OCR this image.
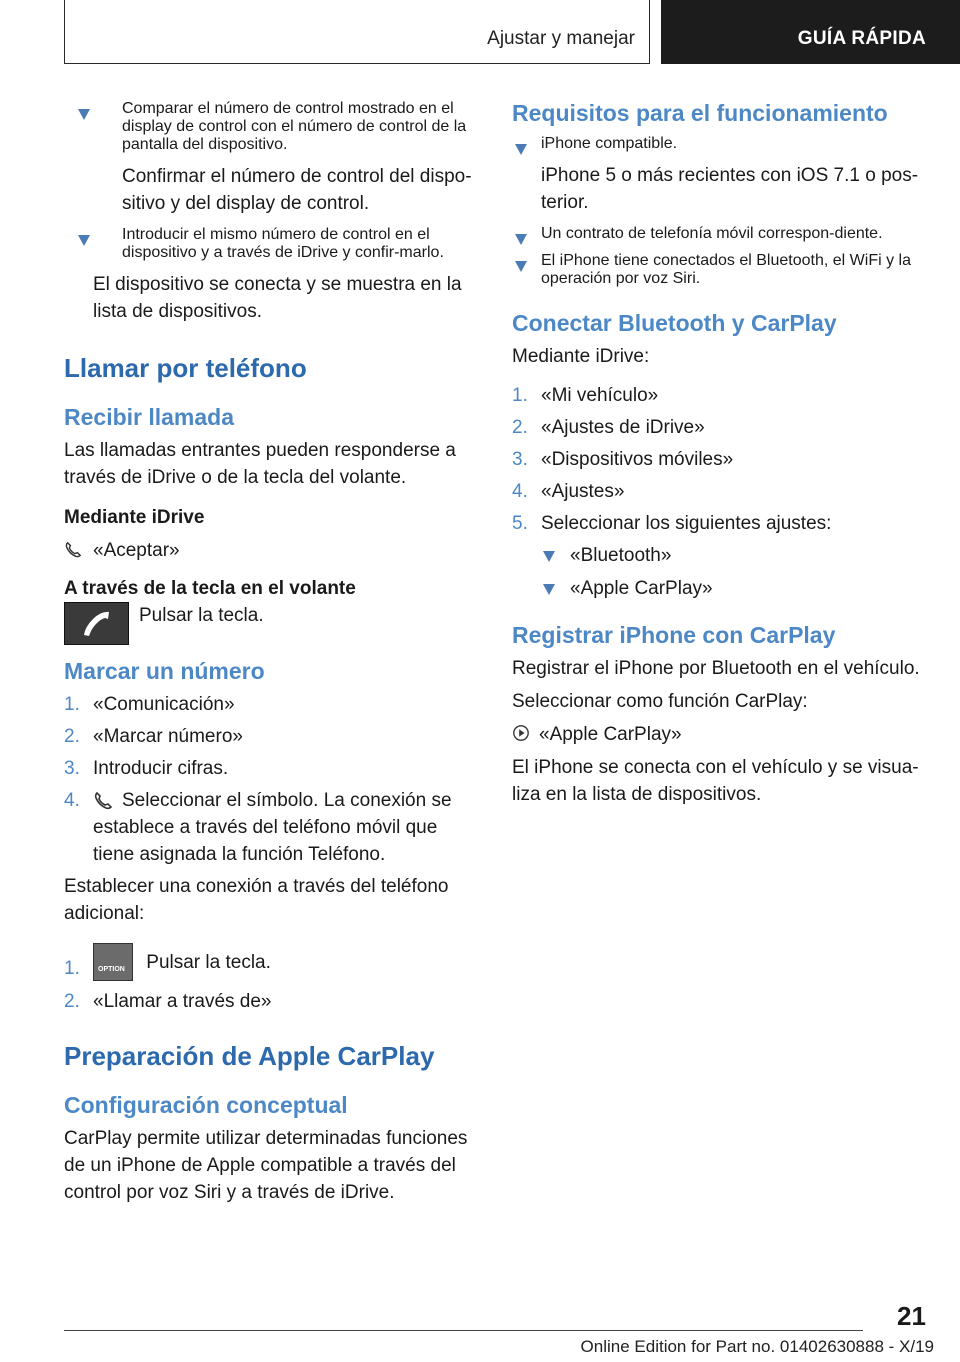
Ajustar y manejar	GUÍA RÁPIDA
Comparar el número de control mostrado en el display de control con el número de control de la pantalla del dispositivo.

Confirmar el número de control del dispo-sitivo y del display de control.

Introducir el mismo número de control en el dispositivo y a través de iDrive y confir-marlo.

El dispositivo se conecta y se muestra en la lista de dispositivos.

Llamar por teléfono
Recibir llamada

Las llamadas entrantes pueden responderse a través de iDrive o de la tecla del volante.

Mediante iDrive
«Aceptar»
A través de la tecla en el volante
Pulsar la tecla.
Marcar un número
1. «Comunicación»
2. «Marcar número»
3. Introducir cifras.
4.	Seleccionar el símbolo. La conexión se establece a través del teléfono móvil que tiene asignada la función Teléfono.

Establecer una conexión a través del teléfono adicional:

1.	OPTION Pulsar la tecla.
2. «Llamar a través de»
Preparación de Apple CarPlay
Configuración conceptual

CarPlay permite utilizar determinadas funciones de un iPhone de Apple compatible a través del control por voz Siri y a través de iDrive.

Requisitos para el funcionamiento
iPhone compatible.

iPhone 5 o más recientes con iOS 7.1 o pos-terior.

Un contrato de telefonía móvil correspon-diente.
El iPhone tiene conectados el Bluetooth, el WiFi y la operación por voz Siri.
Conectar Bluetooth y CarPlay

Mediante iDrive:

1. «Mi vehículo»
2. «Ajustes de iDrive»
3. «Dispositivos móviles»
4. «Ajustes»
5. Seleccionar los siguientes ajustes:
«Bluetooth»
«Apple CarPlay»
Registrar iPhone con CarPlay

Registrar el iPhone por Bluetooth en el vehículo.

Seleccionar como función CarPlay:

«Apple CarPlay»

El iPhone se conecta con el vehículo y se visua-liza en la lista de dispositivos.

21
Online Edition for Part no. 01402630888 - X/19
